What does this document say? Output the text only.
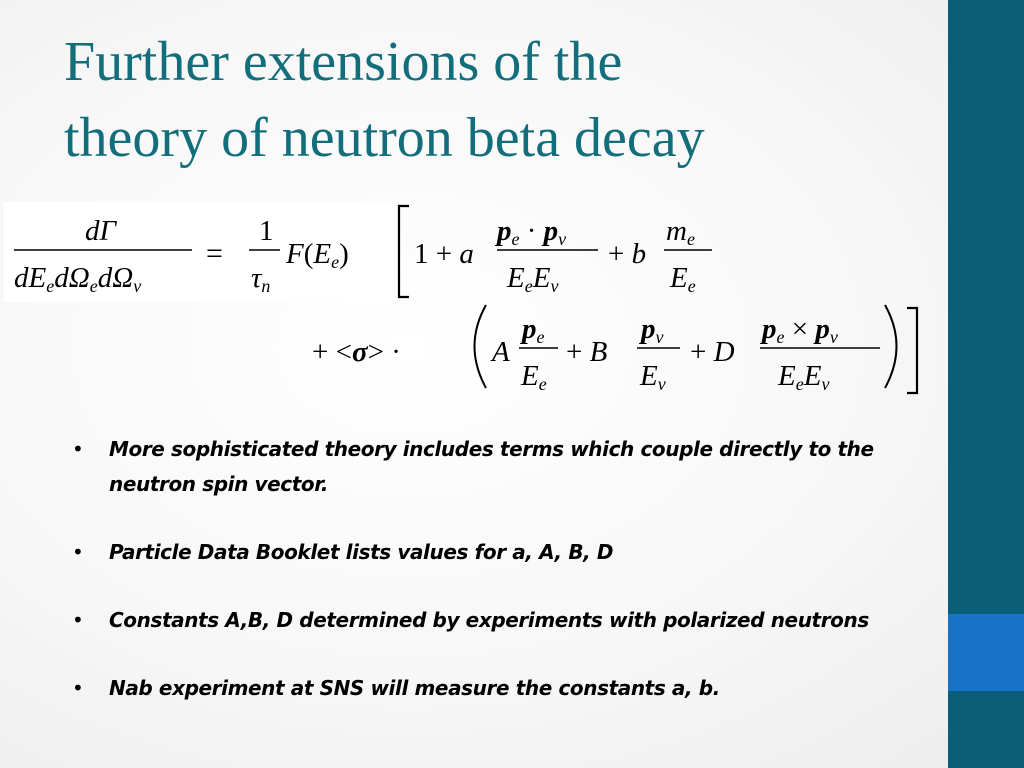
Further extensions of the
theory of neutron beta decay
dΓ
dEedΩedΩν
=
1
τn
F(Ee) 1 + a
pe · pν
EeEν
+ b
me
Ee
+ <σ> ·	A
pe
Ee
+ B
pν
Eν
+ D
pe × pν
EeEν
• More sophisticated theory includes terms which couple directly to the neutron spin vector.
• Particle Data Booklet lists values for a, A, B, D
• Constants A,B, D determined by experiments with polarized neutrons
• Nab experiment at SNS will measure the constants a, b.
